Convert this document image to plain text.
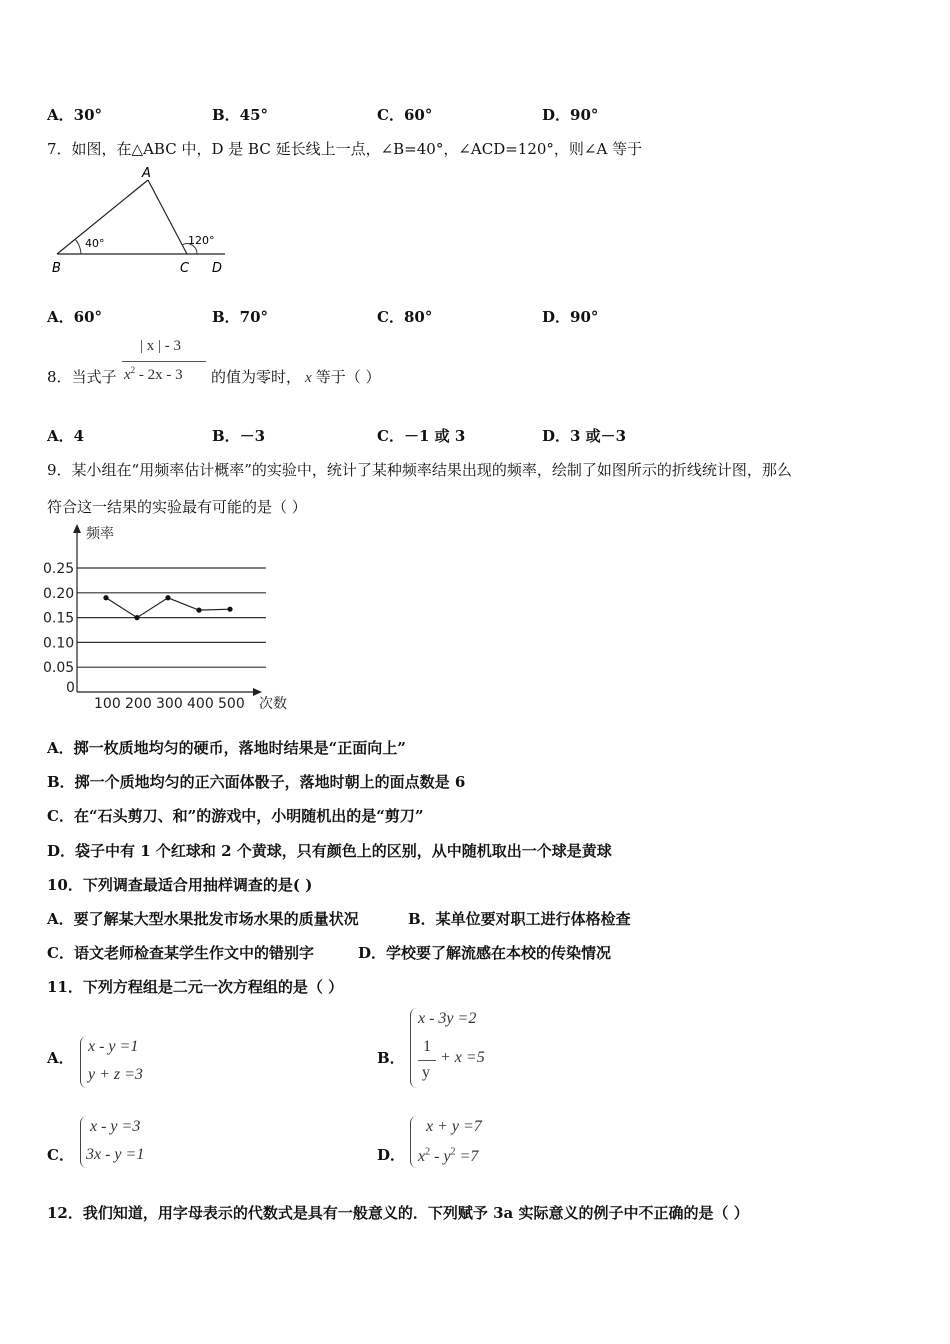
A．30°	B．45°	C．60°	D．90°
7．如图，在△ABC 中，D 是 BC 延长线上一点，∠B=40°，∠ACD=120°，则∠A 等于
A
B	C D
40°	120°
A．60°	B．70°	C．80°	D．90°
8．当式子
| x | - 3
$x^2 - 2x - 3$ 的值为零时， x 等于（ ）
A．4	B．－3	C．－1 或 3	D．3 或－3
9．某小组在“用频率估计概率”的实验中，统计了某种频率结果出现的频率，绘制了如图所示的折线统计图，那么
符合这一结果的实验最有可能的是（ ）
频率
次数
0
0.05
0.10
0.15
0.20
0.25
100 200 300 400 500
A．掷一枚质地均匀的硬币，落地时结果是“正面向上”
B．掷一个质地均匀的正六面体骰子，落地时朝上的面点数是 6
C．在“石头剪刀、和”的游戏中，小明随机出的是“剪刀”
D．袋子中有 1 个红球和 2 个黄球，只有颜色上的区别，从中随机取出一个球是黄球
10．下列调查最适合用抽样调查的是( )
A．要了解某大型水果批发市场水果的质量状况	B．某单位要对职工进行体格检查
C．语文老师检查某学生作文中的错别字	D．学校要了解流感在本校的传染情况
11．下列方程组是二元一次方程组的是（ ）
A．
x - y =1
y + z =3
B．
x - 3y =2
1
y
+ x =5
C．
x - y =3
3x - y =1	D．
x + y =7
$x^2 - y^2 =7$
12．我们知道，用字母表示的代数式是具有一般意义的．下列赋予 3a 实际意义的例子中不正确的是（ ）
